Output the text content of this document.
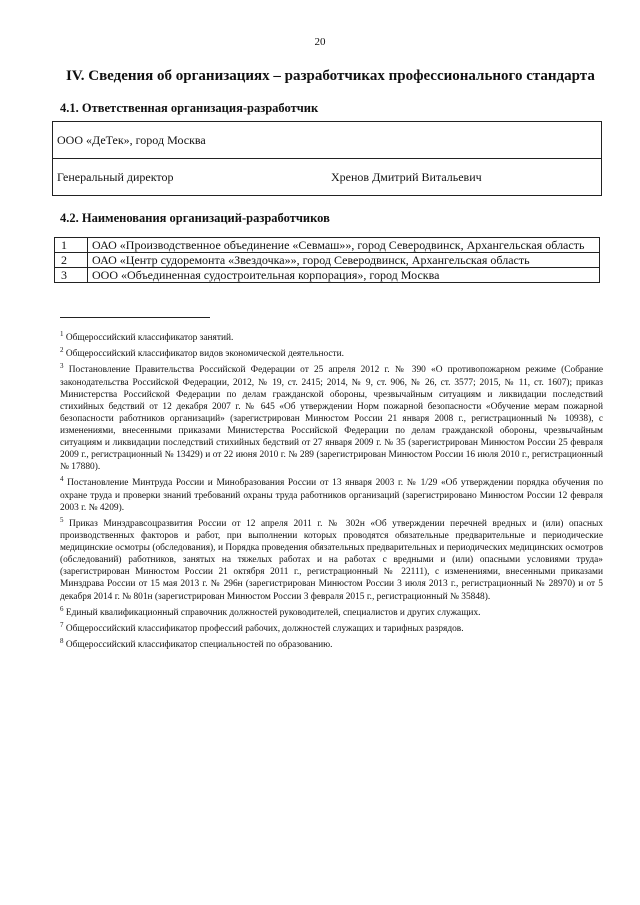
20
IV. Сведения об организациях – разработчиках профессионального стандарта
4.1. Ответственная организация-разработчик
ООО «ДеТек», город Москва
Генеральный директор	Хренов Дмитрий Витальевич
4.2. Наименования организаций-разработчиков
1	ОАО «Производственное объединение «Севмаш»», город Северодвинск, Архангельская область
2	ОАО «Центр судоремонта «Звездочка»», город Северодвинск, Архангельская область
3	ООО «Объединенная судостроительная корпорация», город Москва

$^1$ Общероссийский классификатор занятий.

$^2$ Общероссийский классификатор видов экономической деятельности.

$^3$ Постановление Правительства Российской Федерации от 25 апреля 2012 г. № 390 «О противопожарном режиме (Собрание законодательства Российской Федерации, 2012, № 19, ст. 2415; 2014, № 9, ст. 906, № 26, ст. 3577; 2015, № 11, ст. 1607); приказ Министерства Российской Федерации по делам гражданской обороны, чрезвычайным ситуациям и ликвидации последствий стихийных бедствий от 12 декабря 2007 г. № 645 «Об утверждении Норм пожарной безопасности «Обучение мерам пожарной безопасности работников организаций» (зарегистрирован Минюстом России 21 января 2008 г., регистрационный № 10938), с изменениями, внесенными приказами Министерства Российской Федерации по делам гражданской обороны, чрезвычайным ситуациям и ликвидации последствий стихийных бедствий от 27 января 2009 г. № 35 (зарегистрирован Минюстом России 25 февраля 2009 г., регистрационный № 13429) и от 22 июня 2010 г. № 289 (зарегистрирован Минюстом России 16 июля 2010 г., регистрационный № 17880).

$^4$ Постановление Минтруда России и Минобразования России от 13 января 2003 г. № 1/29 «Об утверждении порядка обучения по охране труда и проверки знаний требований охраны труда работников организаций (зарегистрировано Минюстом России 12 февраля 2003 г. № 4209).

$^5$ Приказ Минздравсоцразвития России от 12 апреля 2011 г. № 302н «Об утверждении перечней вредных и (или) опасных производственных факторов и работ, при выполнении которых проводятся обязательные предварительные и периодические медицинские осмотры (обследования), и Порядка проведения обязательных предварительных и периодических медицинских осмотров (обследований) работников, занятых на тяжелых работах и на работах с вредными и (или) опасными условиями труда» (зарегистрирован Минюстом России 21 октября 2011 г., регистрационный № 22111), с изменениями, внесенными приказами Минздрава России от 15 мая 2013 г. № 296н (зарегистрирован Минюстом России 3 июля 2013 г., регистрационный № 28970) и от 5 декабря 2014 г. № 801н (зарегистрирован Минюстом России 3 февраля 2015 г., регистрационный № 35848).

$^6$ Единый квалификационный справочник должностей руководителей, специалистов и других служащих.

$^7$ Общероссийский классификатор профессий рабочих, должностей служащих и тарифных разрядов.

$^8$ Общероссийский классификатор специальностей по образованию.
